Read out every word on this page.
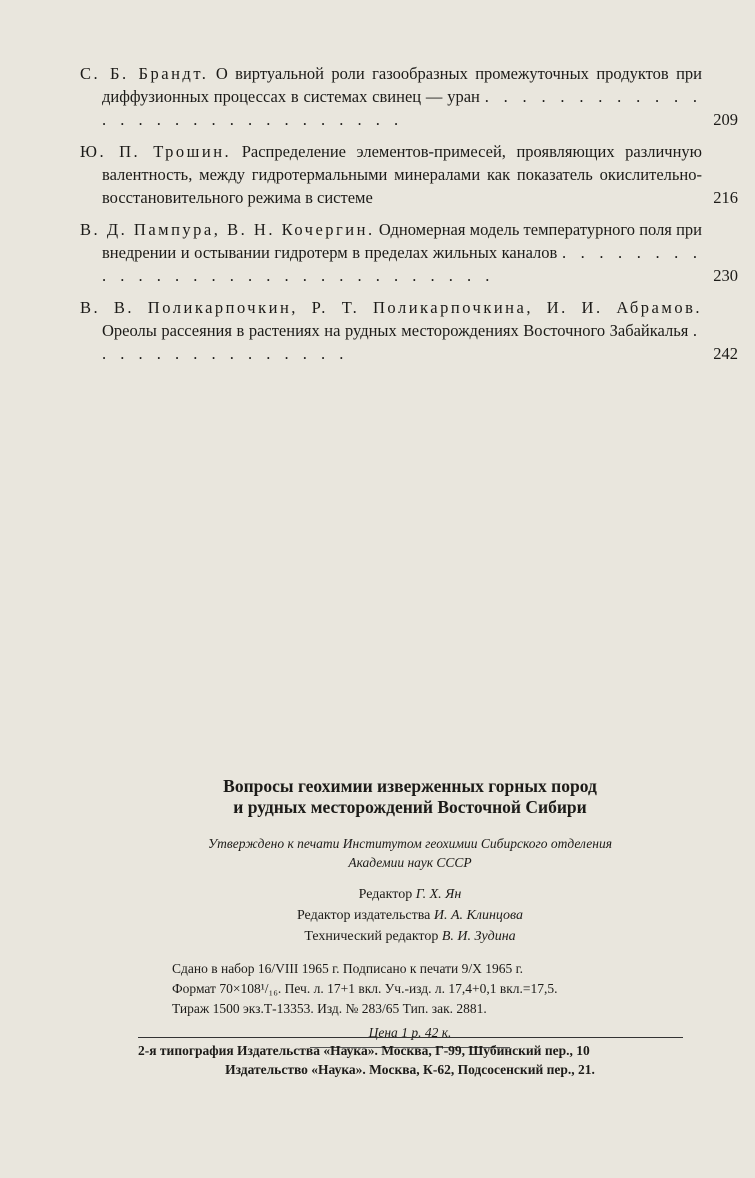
С. Б. Брандт. О виртуальной роли газообразных промежуточных продуктов при диффузионных процессах в системах свинец — уран . . . . . . . . . . . . . . . . . . . . . . . . . . . . .	209
Ю. П. Трошин. Распределение элементов-примесей, проявляющих различную валентность, между гидротермальными минералами как показатель окислительно-восстановительного режима в системе	216
В. Д. Пампура, В. Н. Кочергин. Одномерная модель температурного поля при внедрении и остывании гидротерм в пределах жильных каналов . . . . . . . . . . . . . . . . . . . . . . . . . . . . . .	230
В. В. Поликарпочкин, Р. Т. Поликарпочкина, И. И. Абрамов. Ореолы рассеяния в растениях на рудных месторождениях Восточного Забайкалья . . . . . . . . . . . . . . .	242
Вопросы геохимии изверженных горных пород
и рудных месторождений Восточной Сибири
Утверждено к печати Институтом геохимии Сибирского отделения
Академии наук СССР
Редактор Г. Х. Ян
Редактор издательства И. А. Клинцова
Технический редактор В. И. Зудина
Сдано в набор 16/VIII 1965 г. Подписано к печати 9/X 1965 г.
Формат 70×108¹/₁₆. Печ. л. 17+1 вкл. Уч.-изд. л. 17,4+0,1 вкл.=17,5.
Тираж 1500 экз.Т-13353. Изд. № 283/65 Тип. зак. 2881.
Цена 1 р. 42 к.
Издательство «Наука». Москва, К-62, Подсосенский пер., 21.
2-я типография Издательства «Наука». Москва, Г-99, Шубинский пер., 10
